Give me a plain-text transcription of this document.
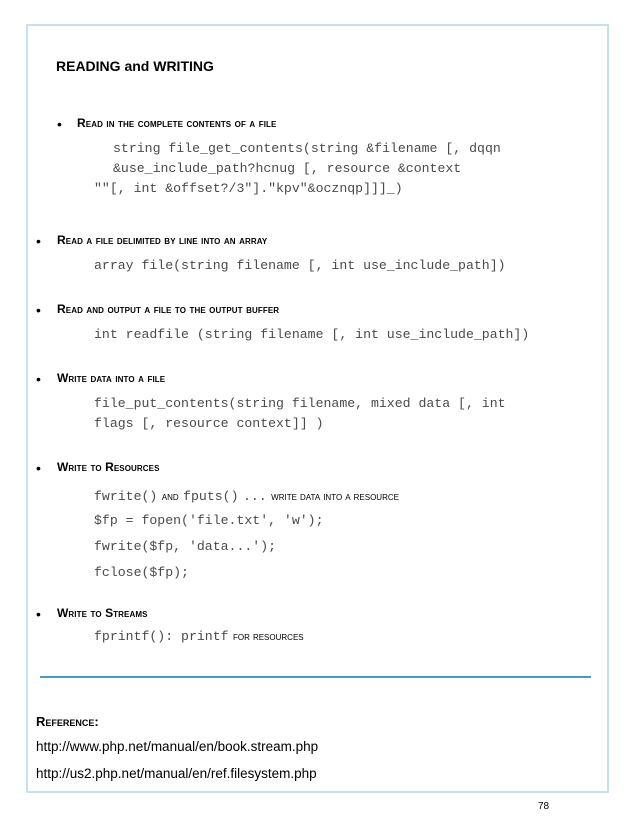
READING and WRITING
• Read in the complete contents of a file
string file_get_contents(string &filename [, dqqn
&use_include_path?hcnug [, resource &context
""[, int &offset?/3"]."kpv"&ocznqp]]]_)
• Read a file delimited by line into an array
array file(string filename [, int use_include_path])
• Read and output a file to the output buffer
int readfile (string filename [, int use_include_path])
• Write data into a file
file_put_contents(string filename, mixed data [, int
flags [, resource context]] )
• Write to Resources
fwrite() and fputs() ... write data into a resource
$fp = fopen('file.txt', 'w');
fwrite($fp, 'data...');
fclose($fp);
• Write to Streams
fprintf(): printf for resources
Reference:
http://www.php.net/manual/en/book.stream.php
http://us2.php.net/manual/en/ref.filesystem.php
78
